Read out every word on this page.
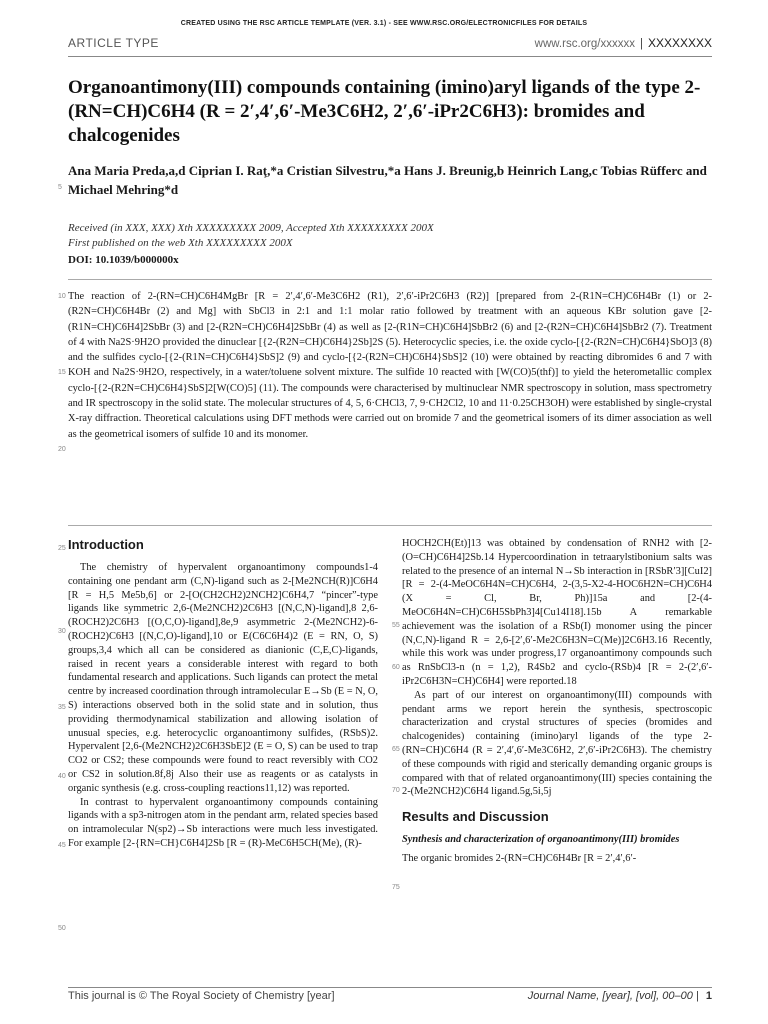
CREATED USING THE RSC ARTICLE TEMPLATE (VER. 3.1) - SEE WWW.RSC.ORG/ELECTRONICFILES FOR DETAILS
ARTICLE TYPE	www.rsc.org/xxxxxx | XXXXXXXX
Organoantimony(III) compounds containing (imino)aryl ligands of the type 2-(RN=CH)C6H4 (R = 2′,4′,6′-Me3C6H2, 2′,6′-iPr2C6H3): bromides and chalcogenides
Ana Maria Preda,a,d Ciprian I. Raţ,*a Cristian Silvestru,*a Hans J. Breunig,b Heinrich Lang,c Tobias Rüfferc and Michael Mehring*d
Received (in XXX, XXX) Xth XXXXXXXXX 2009, Accepted Xth XXXXXXXXX 200X
First published on the web Xth XXXXXXXXX 200X
DOI: 10.1039/b000000x

The reaction of 2-(RN=CH)C6H4MgBr [R = 2′,4′,6′-Me3C6H2 (R1), 2′,6′-iPr2C6H3 (R2)] [prepared from 2-(R1N=CH)C6H4Br (1) or 2-(R2N=CH)C6H4Br (2) and Mg] with SbCl3 in 2:1 and 1:1 molar ratio followed by treatment with an aqueous KBr solution gave [2-(R1N=CH)C6H4]2SbBr (3) and [2-(R2N=CH)C6H4]2SbBr (4) as well as [2-(R1N=CH)C6H4]SbBr2 (6) and [2-(R2N=CH)C6H4]SbBr2 (7). Treatment of 4 with Na2S·9H2O provided the dinuclear [{2-(R2N=CH)C6H4}2Sb]2S (5). Heterocyclic species, i.e. the oxide cyclo-[{2-(R2N=CH)C6H4}SbO]3 (8) and the sulfides cyclo-[{2-(R1N=CH)C6H4}SbS]2 (9) and cyclo-[{2-(R2N=CH)C6H4}SbS]2 (10) were obtained by reacting dibromides 6 and 7 with KOH and Na2S·9H2O, respectively, in a water/toluene solvent mixture. The sulfide 10 reacted with [W(CO)5(thf)] to yield the heterometallic complex cyclo-[{2-(R2N=CH)C6H4}SbS]2[W(CO)5] (11). The compounds were characterised by multinuclear NMR spectroscopy in solution, mass spectrometry and IR spectroscopy in the solid state. The molecular structures of 4, 5, 6·CHCl3, 7, 9·CH2Cl2, 10 and 11·0.25CH3OH) were established by single-crystal X-ray diffraction. Theoretical calculations using DFT methods were carried out on bromide 7 and the geometrical isomers of its dimer association as well as the geometrical isomers of sulfide 10 and its monomer.

5
10
15
20
25
30
35
40
45
50
55
60
65
70
75
Introduction

The chemistry of hypervalent organoantimony compounds1-4 containing one pendant arm (C,N)-ligand such as 2-[Me2NCH(R)]C6H4 [R = H,5 Me5b,6] or 2-[O(CH2CH2)2NCH2]C6H4,7 “pincer”-type ligands like symmetric 2,6-(Me2NCH2)2C6H3 [(N,C,N)-ligand],8 2,6-(ROCH2)2C6H3 [(O,C,O)-ligand],8e,9 asymmetric 2-(Me2NCH2)-6-(ROCH2)C6H3 [(N,C,O)-ligand],10 or E(C6C6H4)2 (E = RN, O, S) groups,3,4 which all can be considered as dianionic (C,E,C)-ligands, raised in recent years a considerable interest with regard to both fundamental research and applications. Such ligands can protect the metal centre by increased coordination through intramolecular E→Sb (E = N, O, S) interactions observed both in the solid state and in solution, thus providing thermodynamical stabilization and allowing isolation of unusual species, e.g. heterocyclic organoantimony sulfides, (RSbS)2. Hypervalent [2,6-(Me2NCH2)2C6H3SbE]2 (E = O, S) can be used to trap CO2 or CS2; these compounds were found to react reversibly with CO2 or CS2 in solution.8f,8j Also their use as reagents or as catalysts in organic synthesis (e.g. cross-coupling reactions11,12) was reported.

In contrast to hypervalent organoantimony compounds containing ligands with a sp3-nitrogen atom in the pendant arm, related species based on intramolecular N(sp2)→Sb interactions were much less investigated. For example [2-{RN=CH}C6H4]2Sb [R = (R)-MeC6H5CH(Me), (R)-

HOCH2CH(Et)]13 was obtained by condensation of RNH2 with [2-(O=CH)C6H4]2Sb.14 Hypercoordination in tetraarylstibonium salts was related to the presence of an internal N→Sb interaction in [RSbR′3][CuI2] [R = 2-(4-MeOC6H4N=CH)C6H4, 2-(3,5-X2-4-HOC6H2N=CH)C6H4 (X = Cl, Br, Ph)]15a and [2-(4-MeOC6H4N=CH)C6H5SbPh3]4[Cu14I18].15b A remarkable achievement was the isolation of a RSb(I) monomer using the pincer (N,C,N)-ligand R = 2,6-[2′,6′-Me2C6H3N=C(Me)]2C6H3.16 Recently, while this work was under progress,17 organoantimony compounds such as RnSbCl3-n (n = 1,2), R4Sb2 and cyclo-(RSb)4 [R = 2-(2′,6′-iPr2C6H3N=CH)C6H4] were reported.18

As part of our interest on organoantimony(III) compounds with pendant arms we report herein the synthesis, spectroscopic characterization and crystal structures of species (bromides and chalcogenides) containing (imino)aryl ligands of the type 2-(RN=CH)C6H4 (R = 2′,4′,6′-Me3C6H2, 2′,6′-iPr2C6H3). The chemistry of these compounds with rigid and sterically demanding organic groups is compared with that of related organoantimony(III) species containing the 2-(Me2NCH2)C6H4 ligand.5g,5i,5j

Results and Discussion
Synthesis and characterization of organoantimony(III) bromides

The organic bromides 2-(RN=CH)C6H4Br [R = 2′,4′,6′-

This journal is © The Royal Society of Chemistry [year]	Journal Name, [year], [vol], 00–00 | 1
